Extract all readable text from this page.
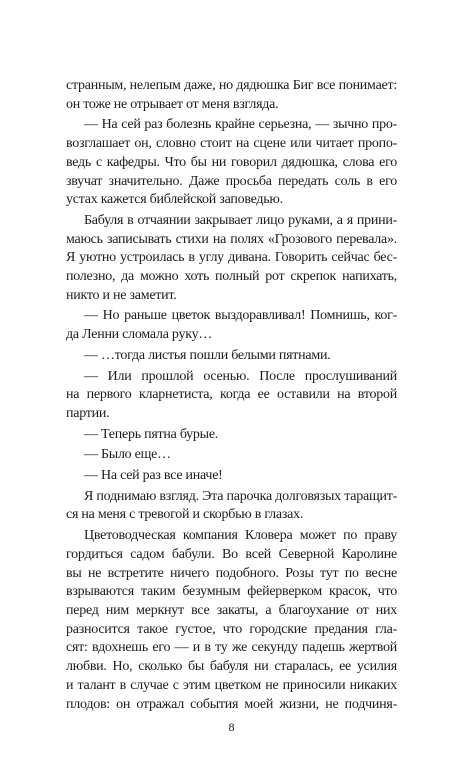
странным, нелепым даже, но дядюшка Биг все понимает:
он тоже не отрывает от меня взгляда.
— На сей раз болезнь крайне серьезна, — зычно про-
возглашает он, словно стоит на сцене или читает пропо-
ведь с кафедры. Что бы ни говорил дядюшка, слова его
звучат значительно. Даже просьба передать соль в его
устах кажется библейской заповедью.
Бабуля в отчаянии закрывает лицо руками, а я прини-
маюсь записывать стихи на полях «Грозового перевала».
Я уютно устроилась в углу дивана. Говорить сейчас бес-
полезно, да можно хоть полный рот скрепок напихать,
никто и не заметит.
— Но раньше цветок выздоравливал! Помнишь, ког-
да Ленни сломала руку…
— …тогда листья пошли белыми пятнами.
— Или прошлой осенью. После прослушиваний
на первого кларнетиста, когда ее оставили на второй
партии.
— Теперь пятна бурые.
— Было еще…
— На сей раз все иначе!
Я поднимаю взгляд. Эта парочка долговязых таращит-
ся на меня с тревогой и скорбью в глазах.
Цветоводческая компания Кловера может по праву
гордиться садом бабули. Во всей Северной Каролине
вы не встретите ничего подобного. Розы тут по весне
взрываются таким безумным фейерверком красок, что
перед ним меркнут все закаты, а благоухание от них
разносится такое густое, что городские предания гла-
сят: вдохнешь его — и в ту же секунду падешь жертвой
любви. Но, сколько бы бабуля ни старалась, ее усилия
и талант в случае с этим цветком не приносили никаких
плодов: он отражал события моей жизни, не подчиня-
8
